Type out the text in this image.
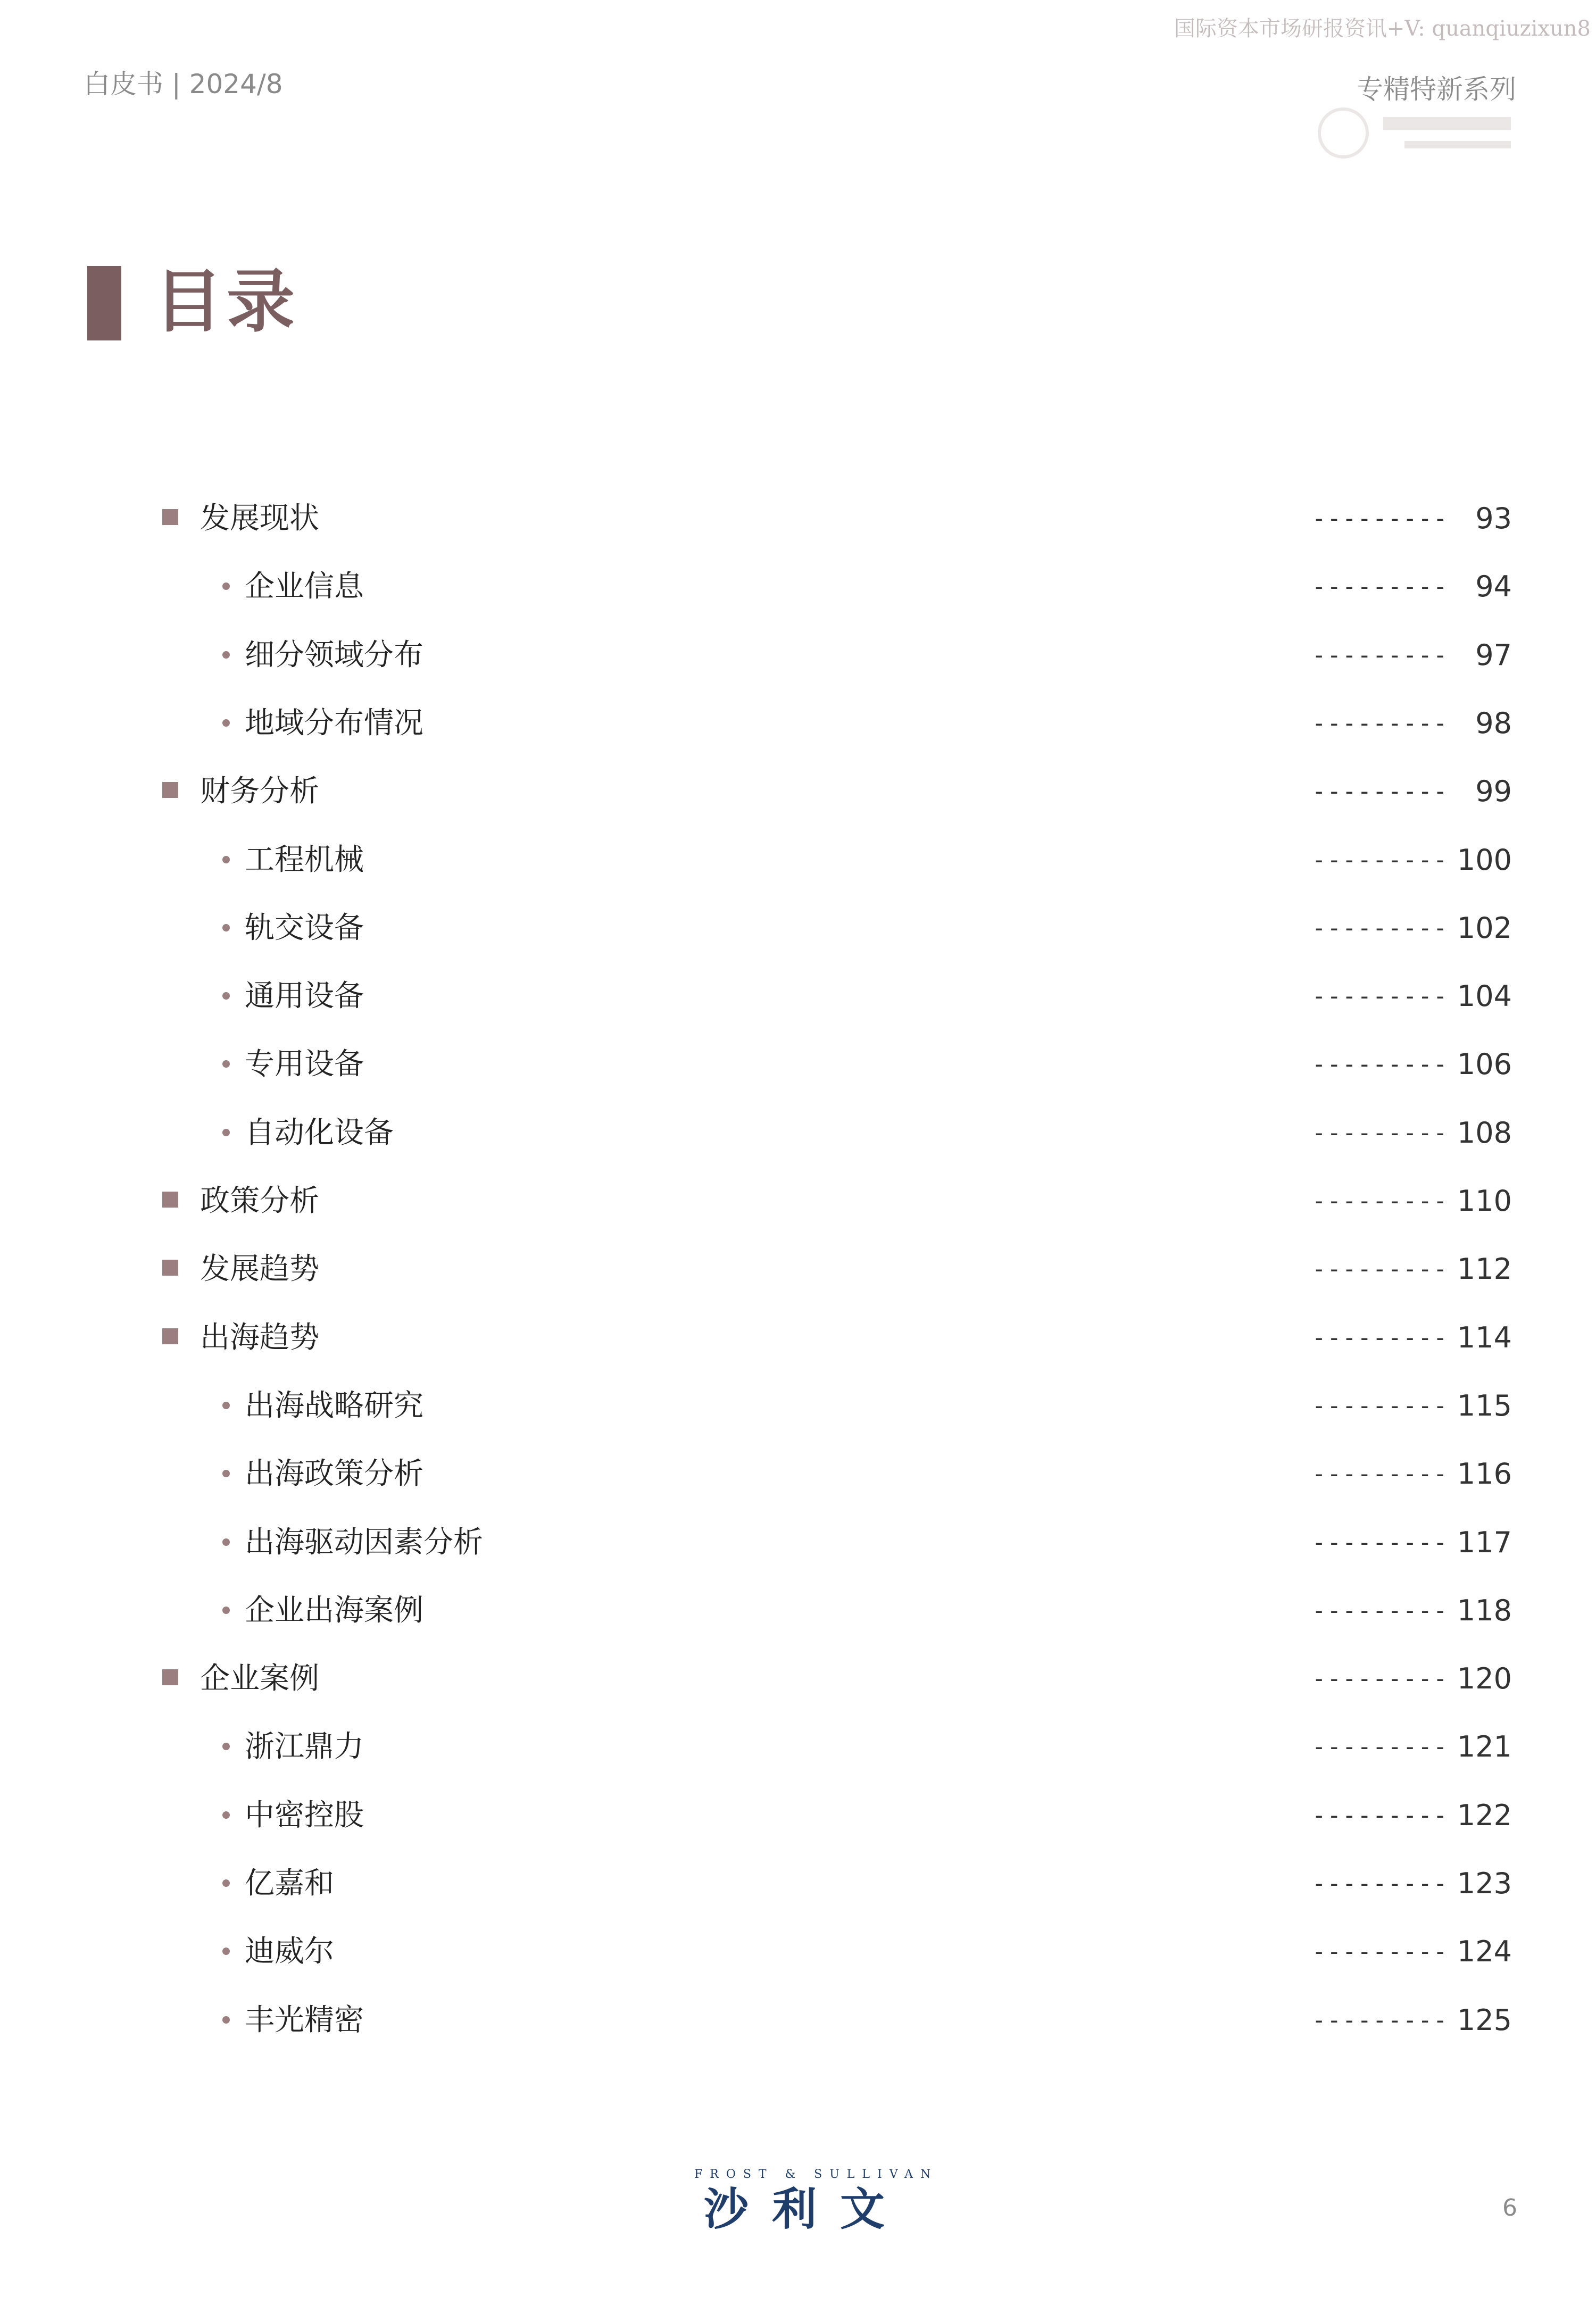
国际资本市场研报资讯+V: quanqiuzixun8
白皮书 | 2024/8	专精特新系列
目录
发展现状	--------- 93
企业信息	--------- 94
细分领域分布	--------- 97
地域分布情况	--------- 98
财务分析	--------- 99
工程机械	--------- 100
轨交设备	--------- 102
通用设备	--------- 104
专用设备	--------- 106
自动化设备	--------- 108
政策分析	--------- 110
发展趋势	--------- 112
出海趋势	--------- 114
出海战略研究	--------- 115
出海政策分析	--------- 116
出海驱动因素分析	--------- 117
企业出海案例	--------- 118
企业案例	--------- 120
浙江鼎力	--------- 121
中密控股	--------- 122
亿嘉和	--------- 123
迪威尔	--------- 124
丰光精密	--------- 125
FROST & SULLIVAN
沙利文	6
